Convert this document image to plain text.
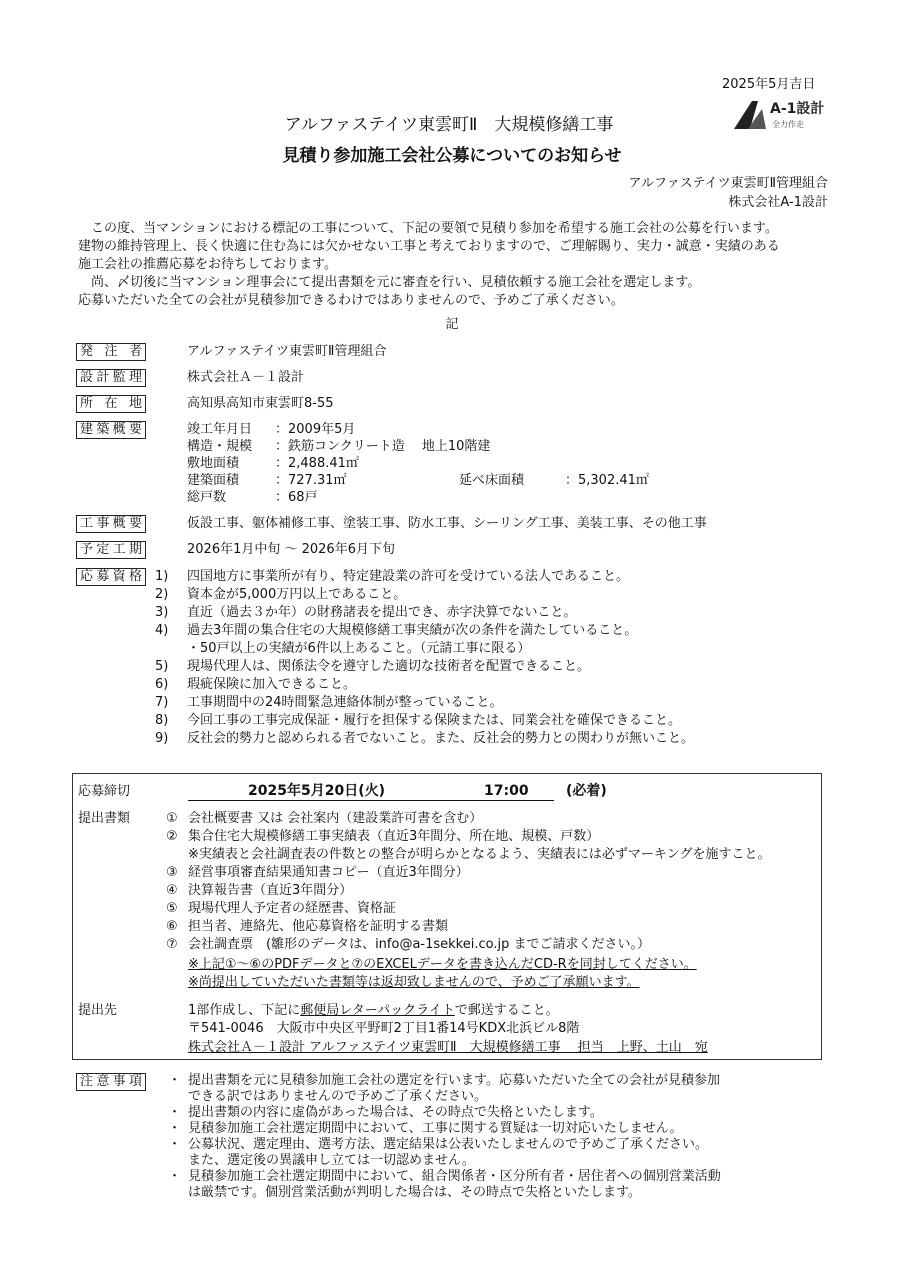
2025年5月吉日
A-1設計
全力作走
アルファステイツ東雲町Ⅱ　大規模修繕工事
見積り参加施工会社公募についてのお知らせ
アルファステイツ東雲町Ⅱ管理組合
株式会社A-1設計
　この度、当マンションにおける標記の工事について、下記の要領で見積り参加を希望する施工会社の公募を行います。
建物の維持管理上、長く快適に住む為には欠かせない工事と考えておりますので、ご理解賜り、実力・誠意・実績のある
施工会社の推薦応募をお待ちしております。
　尚、〆切後に当マンション理事会にて提出書類を元に審査を行い、見積依頼する施工会社を選定します。
応募いただいた全ての会社が見積参加できるわけではありませんので、予めご了承ください。
記
発注者	アルファステイツ東雲町Ⅱ管理組合
設計監理	株式会社Ａ－１設計
所在地	高知県高知市東雲町8-55
建築概要	竣工年月日 ：2009年5月
構造・規模 ：鉄筋コンクリート造　 地上10階建
敷地面積	：2,488.41㎡
建築面積	：727.31㎡	延べ床面積	：5,302.41㎡
総戸数	：68戸
工事概要	仮設工事、躯体補修工事、塗装工事、防水工事、シーリング工事、美装工事、その他工事
予定工期	2026年1月中旬 ～ 2026年6月下旬
応募資格	1) 四国地方に事業所が有り、特定建設業の許可を受けている法人であること。
2) 資本金が5,000万円以上であること。
3) 直近（過去３か年）の財務諸表を提出でき、赤字決算でないこと。
4) 過去3年間の集合住宅の大規模修繕工事実績が次の条件を満たしていること。
・50戸以上の実績が6件以上あること。（元請工事に限る）
5) 現場代理人は、関係法令を遵守した適切な技術者を配置できること。
6) 瑕疵保険に加入できること。
7) 工事期間中の24時間緊急連絡体制が整っていること。
8) 今回工事の工事完成保証・履行を担保する保険または、同業会社を確保できること。
9) 反社会的勢力と認められる者でないこと。また、反社会的勢力との関わりが無いこと。
応募締切	2025年5月20日(火)	17:00	(必着)
提出書類	① 会社概要書 又は 会社案内（建設業許可書を含む）
② 集合住宅大規模修繕工事実績表（直近3年間分、所在地、規模、戸数）
※実績表と会社調査表の件数との整合が明らかとなるよう、実績表には必ずマーキングを施すこと。
③ 経営事項審査結果通知書コピー（直近3年間分）
④ 決算報告書（直近3年間分）
⑤ 現場代理人予定者の経歴書、資格証
⑥ 担当者、連絡先、他応募資格を証明する書類
⑦ 会社調査票　(雛形のデータは、info@a-1sekkei.co.jp までご請求ください。）
※上記①～⑥のPDFデータと⑦のEXCELデータを書き込んだCD-Rを同封してください。
※尚提出していただいた書類等は返却致しませんので、予めご了承願います。
提出先	1部作成し、下記に郵便局レターパックライトで郵送すること。
〒541-0046　大阪市中央区平野町2丁目1番14号KDX北浜ビル8階
株式会社Ａ－１設計 アルファステイツ東雲町Ⅱ　大規模修繕工事　 担当　上野、土山　宛
注意事項	・ 提出書類を元に見積参加施工会社の選定を行います。応募いただいた全ての会社が見積参加
できる訳ではありませんので予めご了承ください。
・ 提出書類の内容に虚偽があった場合は、その時点で失格といたします。
・ 見積参加施工会社選定期間中において、工事に関する質疑は一切対応いたしません。
・ 公募状況、選定理由、選考方法、選定結果は公表いたしませんので予めご了承ください。
また、選定後の異議申し立ては一切認めません。
・ 見積参加施工会社選定期間中において、組合関係者・区分所有者・居住者への個別営業活動
は厳禁です。個別営業活動が判明した場合は、その時点で失格といたします。
